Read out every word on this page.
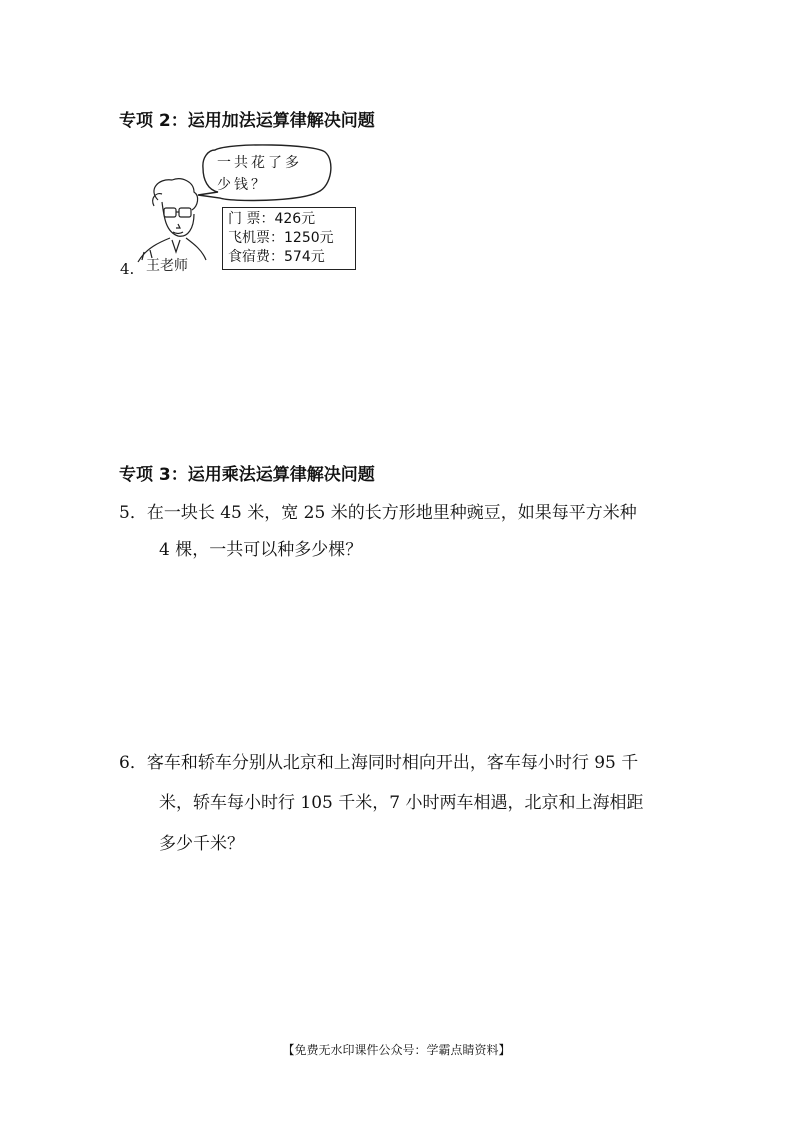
专项 2：运用加法运算律解决问题
4.
一共花了多
少钱？
王老师
门 票：426元
飞机票：1250元
食宿费：574元
专项 3：运用乘法运算律解决问题
5．在一块长 45 米，宽 25 米的长方形地里种豌豆，如果每平方米种
4 棵，一共可以种多少棵？
6．客车和轿车分别从北京和上海同时相向开出，客车每小时行 95 千
米，轿车每小时行 105 千米，7 小时两车相遇，北京和上海相距
多少千米？
【免费无水印课件公众号：学霸点睛资料】
